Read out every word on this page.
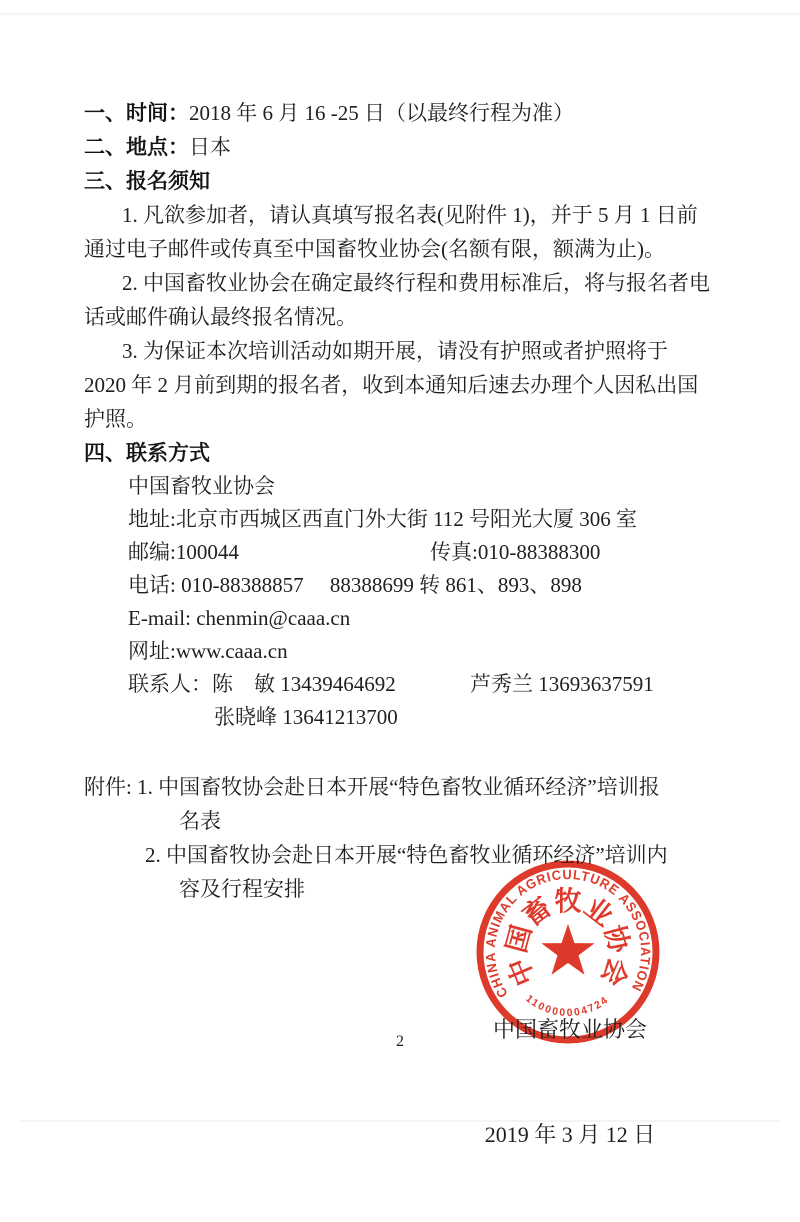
一、时间：2018 年 6 月 16 -25 日（以最终行程为准）
二、地点：日本
三、报名须知
1. 凡欲参加者，请认真填写报名表(见附件 1)，并于 5 月 1 日前
通过电子邮件或传真至中国畜牧业协会(名额有限，额满为止)。
2. 中国畜牧业协会在确定最终行程和费用标准后，将与报名者电
话或邮件确认最终报名情况。
3. 为保证本次培训活动如期开展，请没有护照或者护照将于
2020 年 2 月前到期的报名者，收到本通知后速去办理个人因私出国
护照。
四、联系方式
中国畜牧业协会
地址:北京市西城区西直门外大街 112 号阳光大厦 306 室
邮编:100044	传真:010-88388300
电话: 010-88388857     88388699 转 861、893、898
E-mail: chenmin@caaa.cn
网址:www.caaa.cn
联系人：陈　敏 13439464692	芦秀兰 13693637591
张晓峰 13641213700
附件: 1. 中国畜牧协会赴日本开展“特色畜牧业循环经济”培训报
名表
2. 中国畜牧协会赴日本开展“特色畜牧业循环经济”培训内
容及行程安排
CHINA ANIMAL AGRICULTURE ASSOCIATION
中
国
畜
牧
业
协
会
110000004724

中国畜牧业协会

2019 年 3 月 12 日

2
